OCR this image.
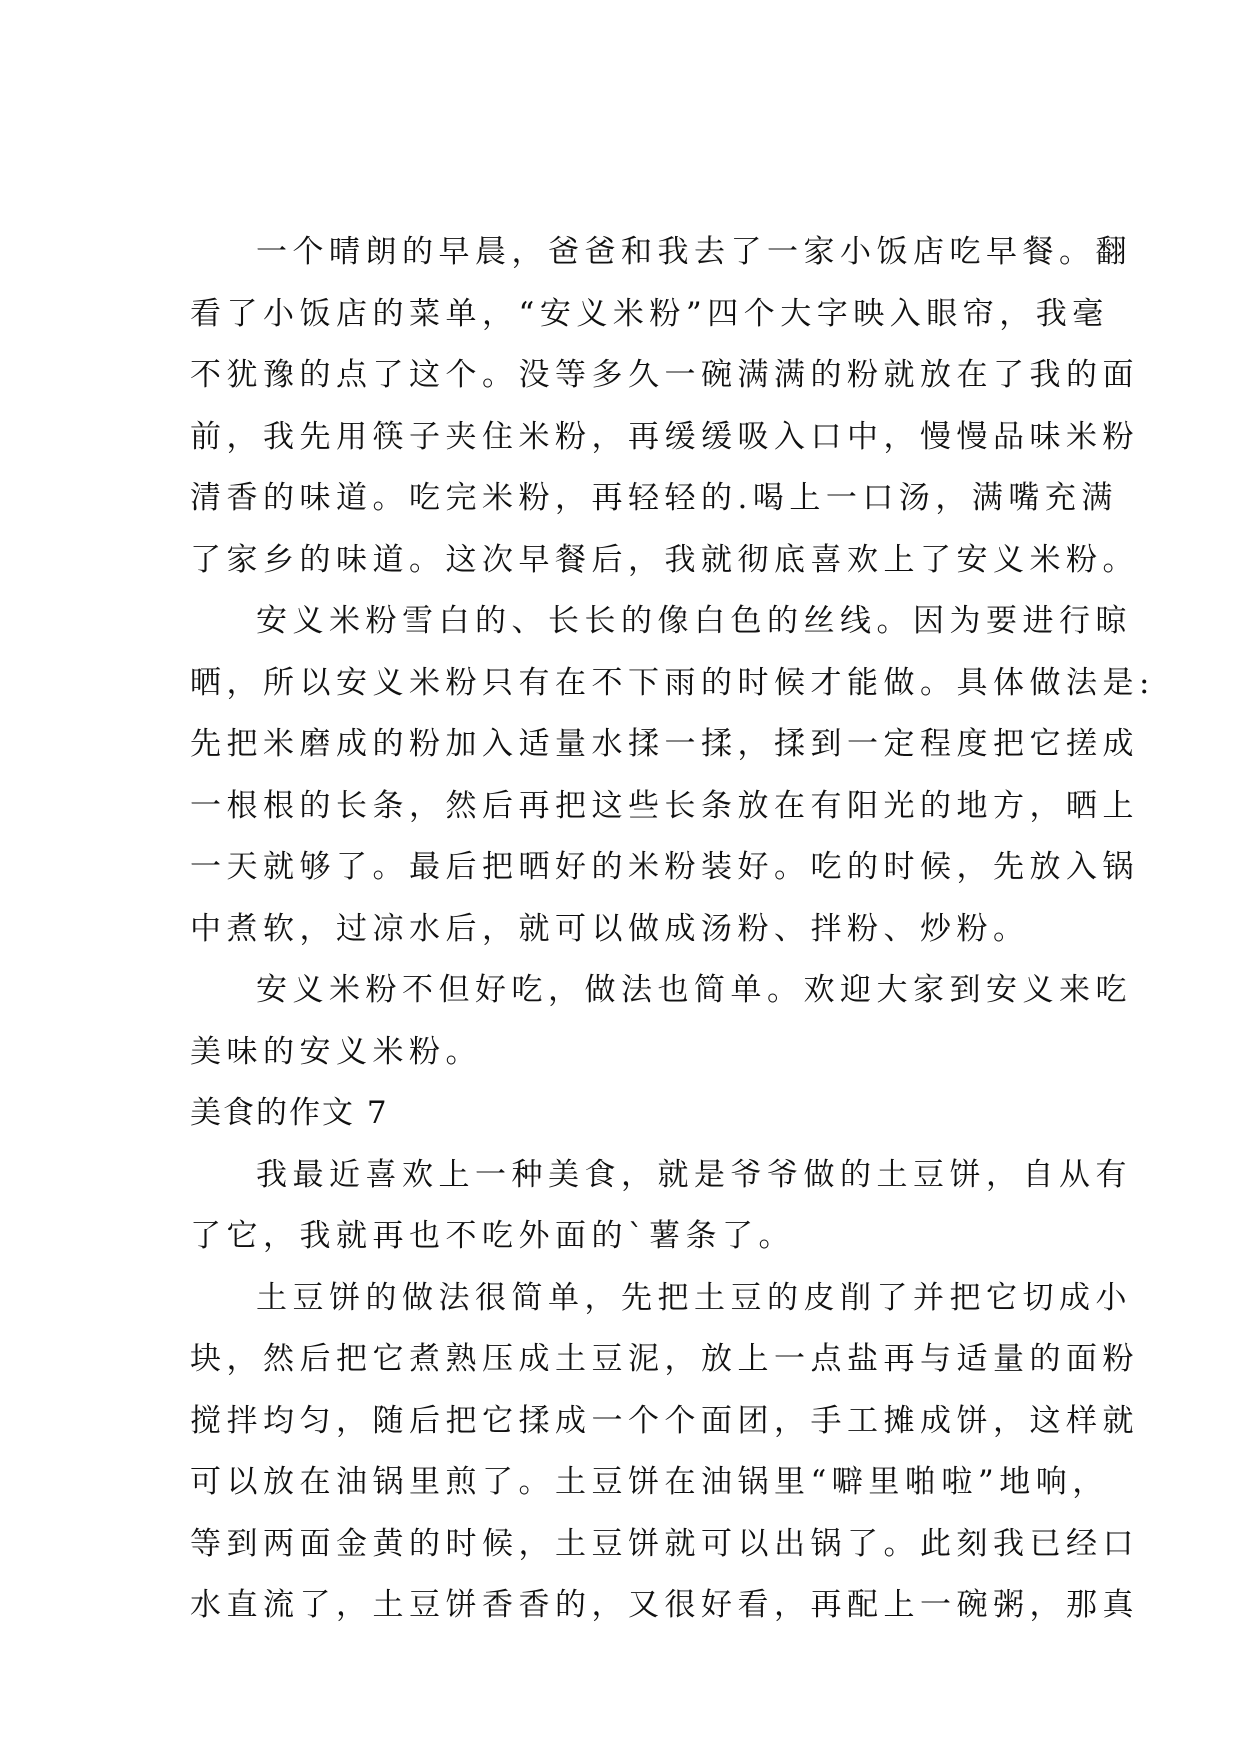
一个晴朗的早晨，爸爸和我去了一家小饭店吃早餐。翻
看了小饭店的菜单，“安义米粉”四个大字映入眼帘，我毫
不犹豫的点了这个。没等多久一碗满满的粉就放在了我的面
前，我先用筷子夹住米粉，再缓缓吸入口中，慢慢品味米粉
清香的味道。吃完米粉，再轻轻的.喝上一口汤，满嘴充满
了家乡的味道。这次早餐后，我就彻底喜欢上了安义米粉。
安义米粉雪白的、长长的像白色的丝线。因为要进行晾
晒，所以安义米粉只有在不下雨的时候才能做。具体做法是:
先把米磨成的粉加入适量水揉一揉，揉到一定程度把它搓成
一根根的长条，然后再把这些长条放在有阳光的地方，晒上
一天就够了。最后把晒好的米粉装好。吃的时候，先放入锅
中煮软，过凉水后，就可以做成汤粉、拌粉、炒粉。
安义米粉不但好吃，做法也简单。欢迎大家到安义来吃
美味的安义米粉。
美食的作文 7
我最近喜欢上一种美食，就是爷爷做的土豆饼，自从有
了它，我就再也不吃外面的`薯条了。
土豆饼的做法很简单，先把土豆的皮削了并把它切成小
块，然后把它煮熟压成土豆泥，放上一点盐再与适量的面粉
搅拌均匀，随后把它揉成一个个面团，手工摊成饼，这样就
可以放在油锅里煎了。土豆饼在油锅里“噼里啪啦”地响，
等到两面金黄的时候，土豆饼就可以出锅了。此刻我已经口
水直流了，土豆饼香香的，又很好看，再配上一碗粥，那真
